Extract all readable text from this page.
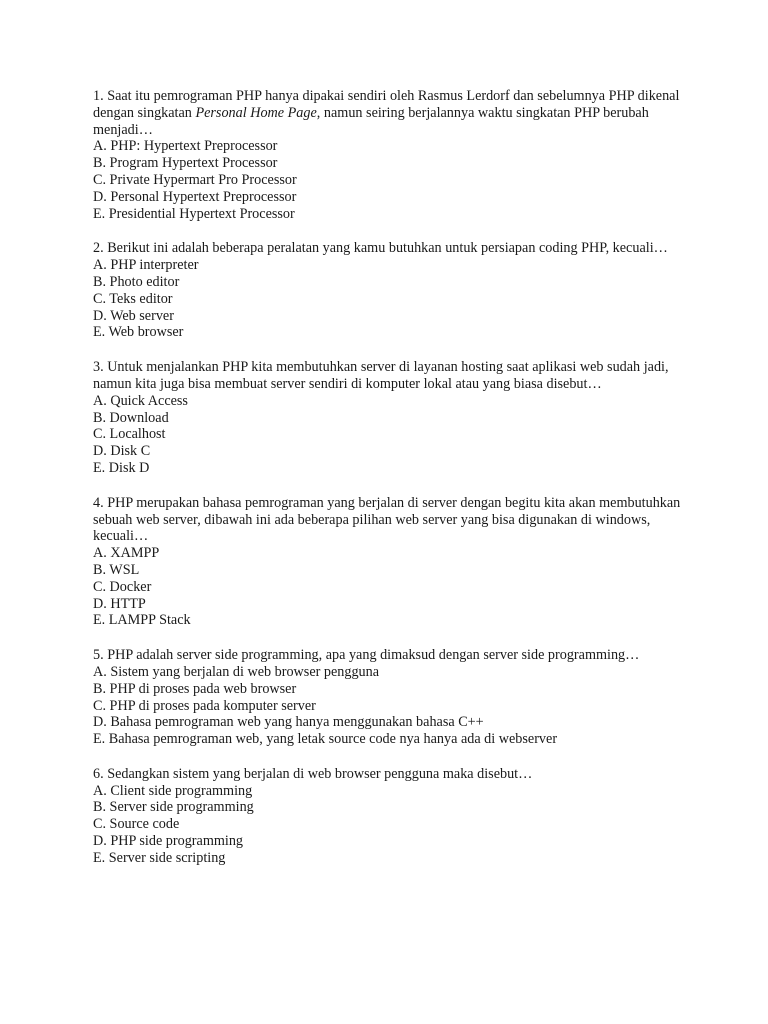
1. Saat itu pemrograman PHP hanya dipakai sendiri oleh Rasmus Lerdorf dan sebelumnya PHP dikenal dengan singkatan Personal Home Page, namun seiring berjalannya waktu singkatan PHP berubah menjadi…
A. PHP: Hypertext Preprocessor
B. Program Hypertext Processor
C. Private Hypermart Pro Processor
D. Personal Hypertext Preprocessor
E. Presidential Hypertext Processor
2. Berikut ini adalah beberapa peralatan yang kamu butuhkan untuk persiapan coding PHP, kecuali…
A. PHP interpreter
B. Photo editor
C. Teks editor
D. Web server
E. Web browser
3. Untuk menjalankan PHP kita membutuhkan server di layanan hosting saat aplikasi web sudah jadi, namun kita juga bisa membuat server sendiri di komputer lokal atau yang biasa disebut…
A. Quick Access
B. Download
C. Localhost
D. Disk C
E. Disk D
4. PHP merupakan bahasa pemrograman yang berjalan di server dengan begitu kita akan membutuhkan sebuah web server, dibawah ini ada beberapa pilihan web server yang bisa digunakan di windows, kecuali…
A. XAMPP
B. WSL
C. Docker
D. HTTP
E. LAMPP Stack
5. PHP adalah server side programming, apa yang dimaksud dengan server side programming…
A. Sistem yang berjalan di web browser pengguna
B. PHP di proses pada web browser
C. PHP di proses pada komputer server
D. Bahasa pemrograman web yang hanya menggunakan bahasa C++
E. Bahasa pemrograman web, yang letak source code nya hanya ada di webserver
6. Sedangkan sistem yang berjalan di web browser pengguna maka disebut…
A. Client side programming
B. Server side programming
C. Source code
D. PHP side programming
E. Server side scripting
